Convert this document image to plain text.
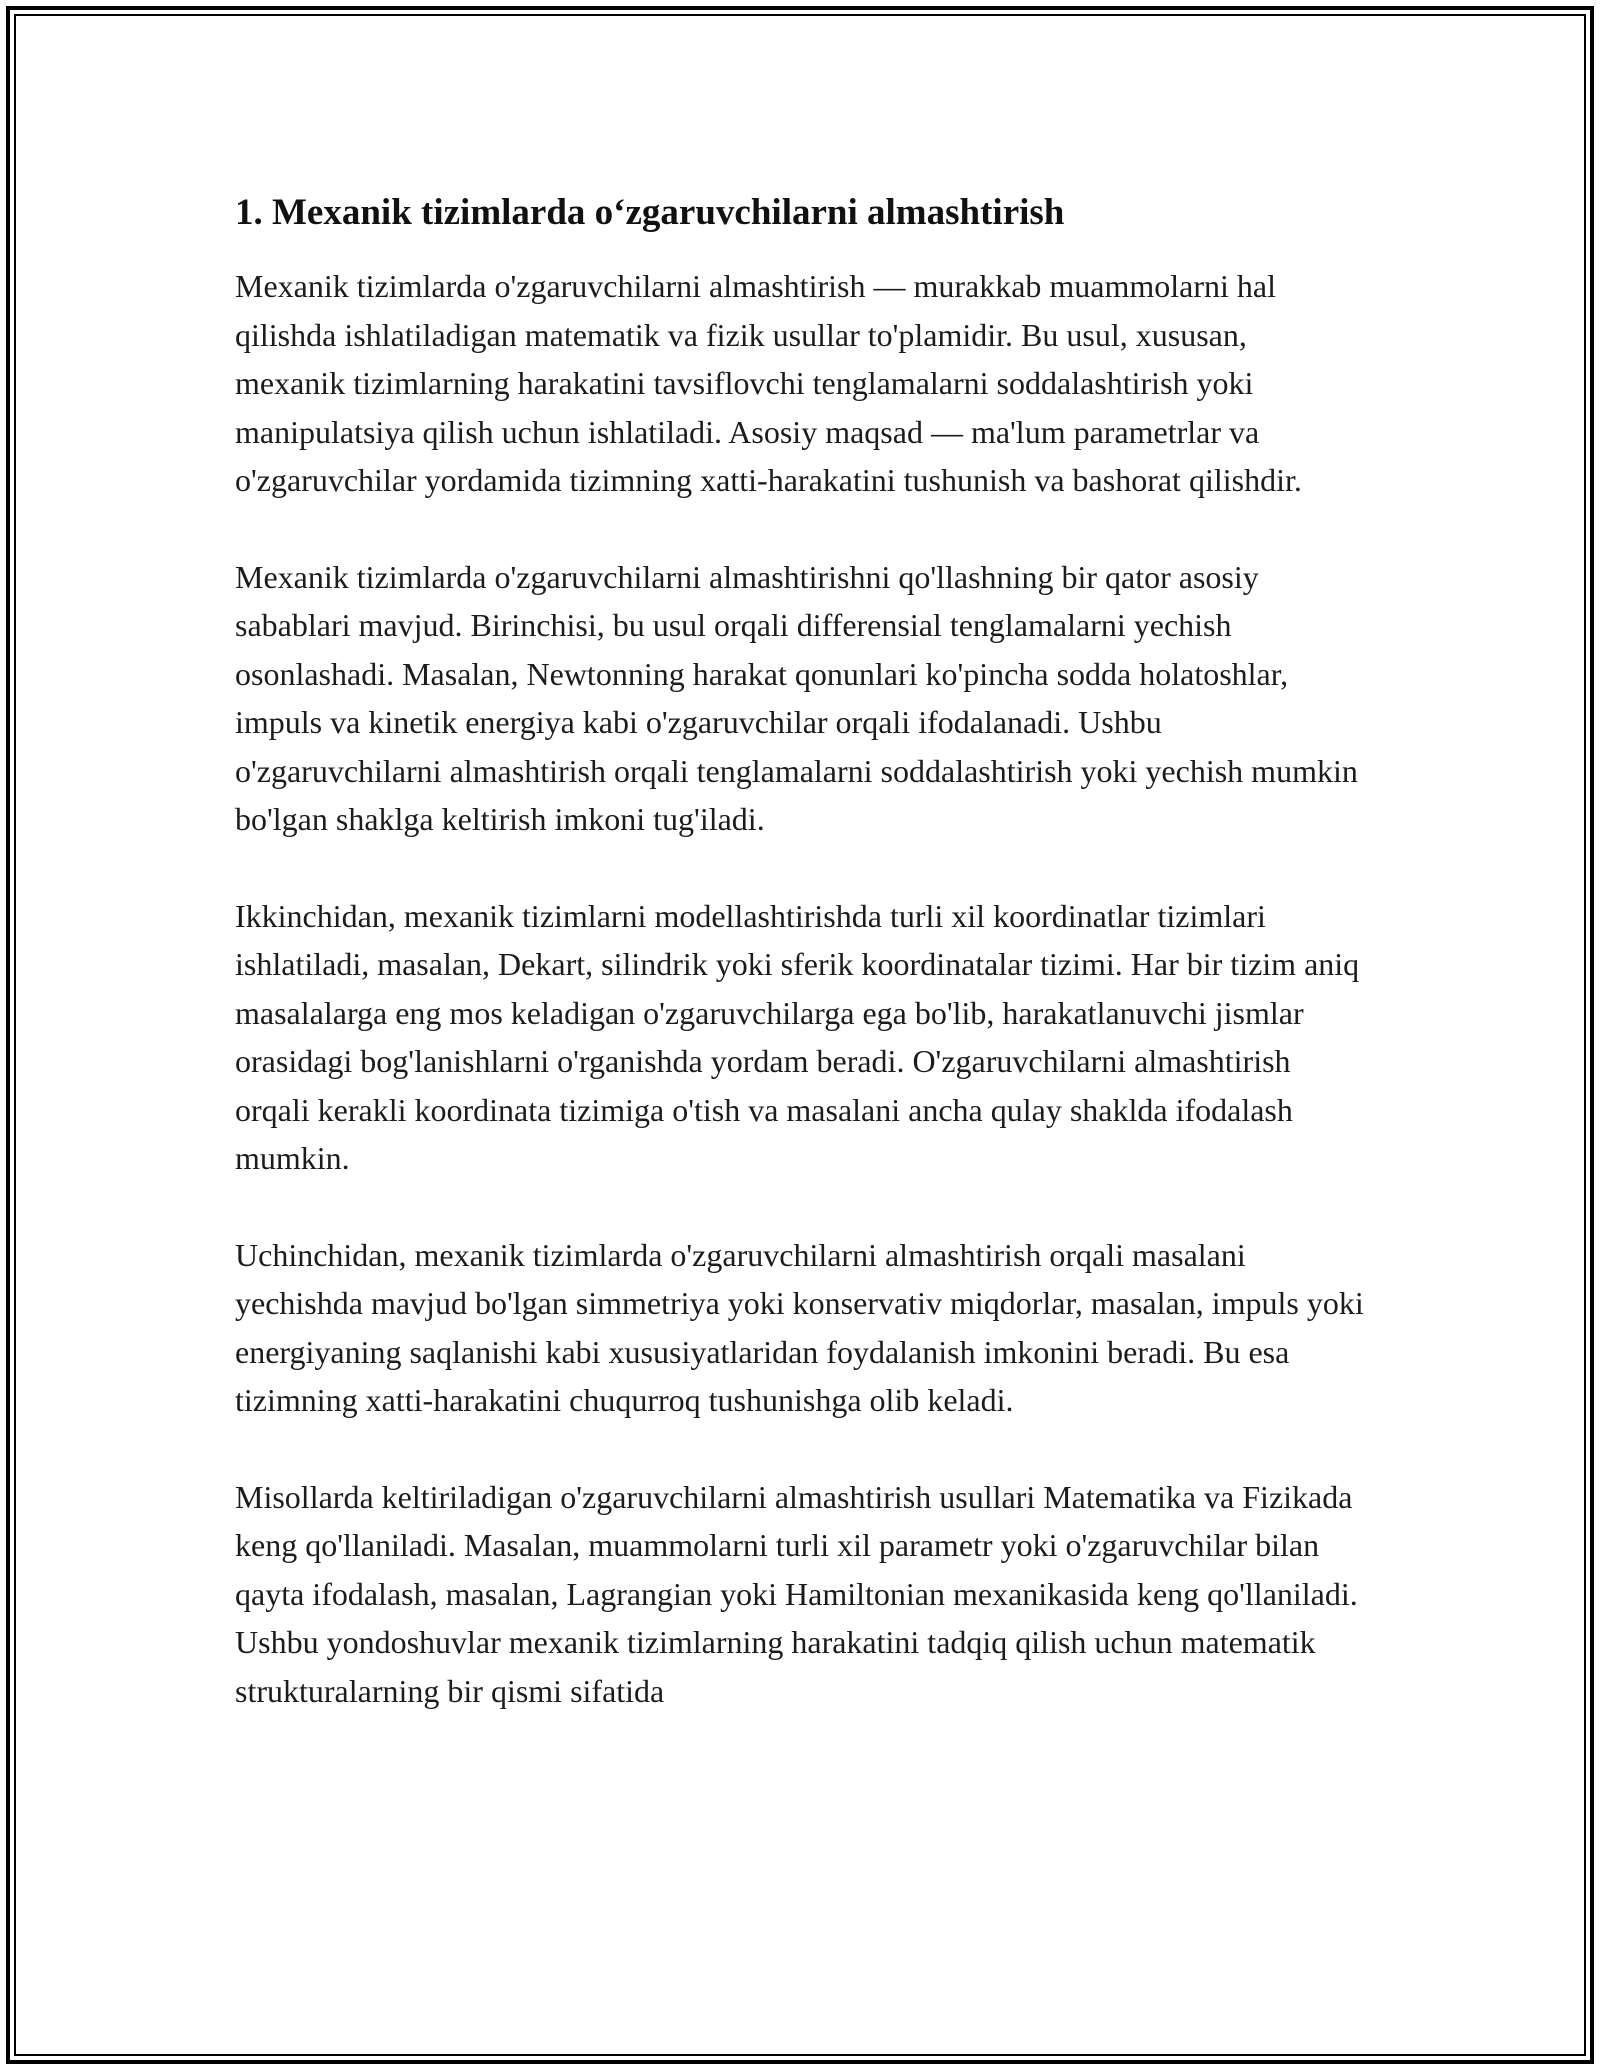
1. Mexanik tizimlarda o‘zgaruvchilarni almashtirish

Mexanik tizimlarda o'zgaruvchilarni almashtirish — murakkab muammolarni hal qilishda ishlatiladigan matematik va fizik usullar to'plamidir. Bu usul, xususan, mexanik tizimlarning harakatini tavsiflovchi tenglamalarni soddalashtirish yoki manipulatsiya qilish uchun ishlatiladi. Asosiy maqsad — ma'lum parametrlar va o'zgaruvchilar yordamida tizimning xatti-harakatini tushunish va bashorat qilishdir.

Mexanik tizimlarda o'zgaruvchilarni almashtirishni qo'llashning bir qator asosiy sabablari mavjud. Birinchisi, bu usul orqali differensial tenglamalarni yechish osonlashadi. Masalan, Newtonning harakat qonunlari ko'pincha sodda holatoshlar, impuls va kinetik energiya kabi o'zgaruvchilar orqali ifodalanadi. Ushbu o'zgaruvchilarni almashtirish orqali tenglamalarni soddalashtirish yoki yechish mumkin bo'lgan shaklga keltirish imkoni tug'iladi.

Ikkinchidan, mexanik tizimlarni modellashtirishda turli xil koordinatlar tizimlari ishlatiladi, masalan, Dekart, silindrik yoki sferik koordinatalar tizimi. Har bir tizim aniq masalalarga eng mos keladigan o'zgaruvchilarga ega bo'lib, harakatlanuvchi jismlar orasidagi bog'lanishlarni o'rganishda yordam beradi. O'zgaruvchilarni almashtirish orqali kerakli koordinata tizimiga o'tish va masalani ancha qulay shaklda ifodalash mumkin.

Uchinchidan, mexanik tizimlarda o'zgaruvchilarni almashtirish orqali masalani yechishda mavjud bo'lgan simmetriya yoki konservativ miqdorlar, masalan, impuls yoki energiyaning saqlanishi kabi xususiyatlaridan foydalanish imkonini beradi. Bu esa tizimning xatti-harakatini chuqurroq tushunishga olib keladi.

Misollarda keltiriladigan o'zgaruvchilarni almashtirish usullari Matematika va Fizikada keng qo'llaniladi. Masalan, muammolarni turli xil parametr yoki o'zgaruvchilar bilan qayta ifodalash, masalan, Lagrangian yoki Hamiltonian mexanikasida keng qo'llaniladi. Ushbu yondoshuvlar mexanik tizimlarning harakatini tadqiq qilish uchun matematik strukturalarning bir qismi sifatida
